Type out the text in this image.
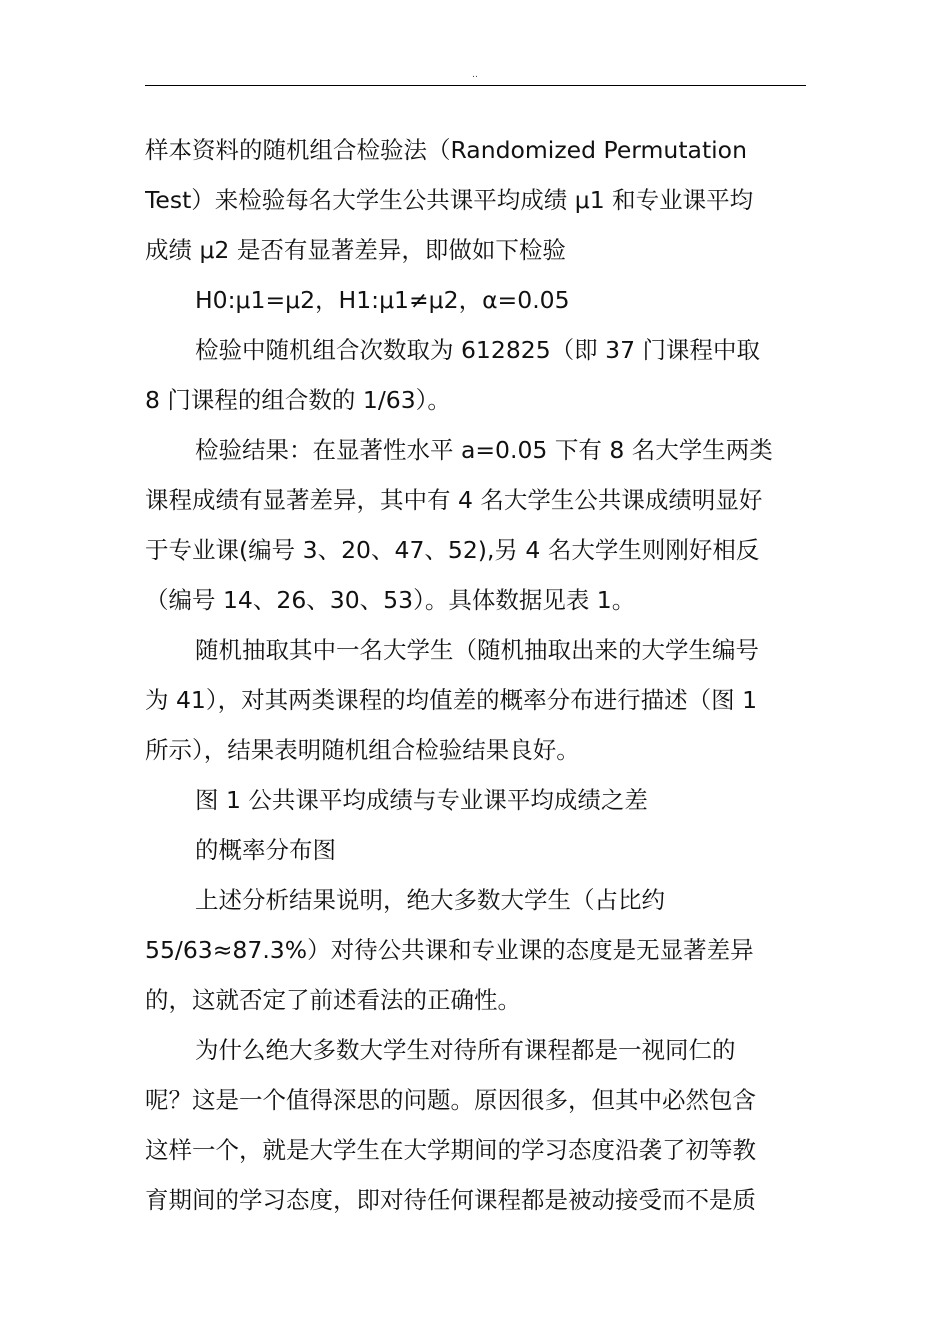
..
样本资料的随机组合检验法（Randomized Permutation
Test）来检验每名大学生公共课平均成绩 μ1 和专业课平均
成绩 μ2 是否有显著差异，即做如下检验
H0:μ1=μ2，H1:μ1≠μ2，α=0.05
检验中随机组合次数取为 612825（即 37 门课程中取
8 门课程的组合数的 1/63）。
检验结果：在显著性水平 a=0.05 下有 8 名大学生两类
课程成绩有显著差异，其中有 4 名大学生公共课成绩明显好
于专业课(编号 3、20、47、52),另 4 名大学生则刚好相反
（编号 14、26、30、53）。具体数据见表 1。
随机抽取其中一名大学生（随机抽取出来的大学生编号
为 41），对其两类课程的均值差的概率分布进行描述（图 1
所示），结果表明随机组合检验结果良好。
图 1 公共课平均成绩与专业课平均成绩之差
的概率分布图
上述分析结果说明，绝大多数大学生（占比约
55/63≈87.3%）对待公共课和专业课的态度是无显著差异
的，这就否定了前述看法的正确性。
为什么绝大多数大学生对待所有课程都是一视同仁的
呢？这是一个值得深思的问题。原因很多，但其中必然包含
这样一个，就是大学生在大学期间的学习态度沿袭了初等教
育期间的学习态度，即对待任何课程都是被动接受而不是质
